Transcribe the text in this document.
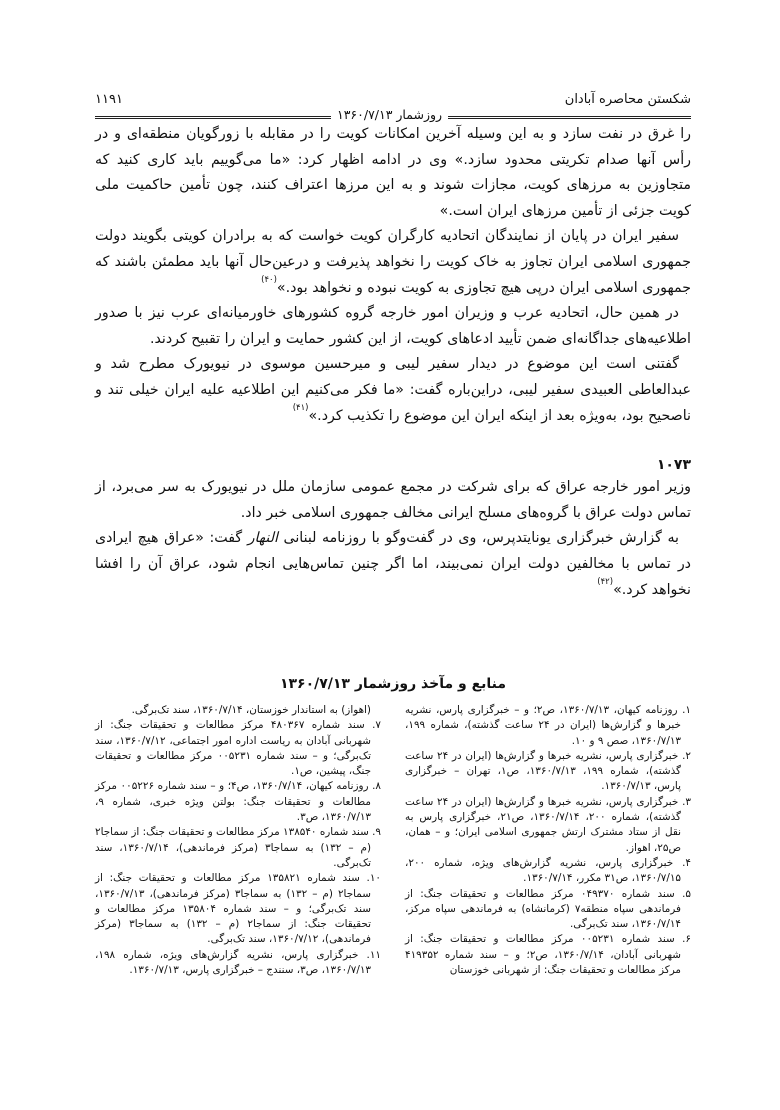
شکستن محاصره آبادان
۱۱۹۱
روزشمار ۱۳۶۰/۷/۱۳

را غرق در نفت سازد و به این وسیله آخرین امکانات کویت را در مقابله با زورگویان منطقه‌ای و در رأس آنها صدام تکریتی محدود سازد.» وی در ادامه اظهار کرد: «ما می‌گوییم باید کاری کنید که متجاوزین به مرزهای کویت، مجازات شوند و به این مرزها اعتراف کنند، چون تأمین حاکمیت ملی کویت جزئی از تأمین مرزهای ایران است.»

سفیر ایران در پایان از نمایندگان اتحادیه کارگران کویت خواست که به برادران کویتی بگویند دولت جمهوری اسلامی ایران تجاوز به خاک کویت را نخواهد پذیرفت و درعین‌حال آنها باید مطمئن باشند که جمهوری اسلامی ایران درپی هیچ تجاوزی به کویت نبوده و نخواهد بود.»$^{(۴۰)}$

در همین حال، اتحادیه عرب و وزیران امور خارجه گروه کشورهای خاورمیانه‌ای عرب نیز با صدور اطلاعیه‌های جداگانه‌ای ضمن تأیید ادعاهای کویت، از این کشور حمایت و ایران را تقبیح کردند.

گفتنی است این موضوع در دیدار سفیر لیبی و میرحسین موسوی در نیویورک مطرح شد و عبدالعاطی العبیدی سفیر لیبی، دراین‌باره گفت: «ما فکر می‌کنیم این اطلاعیه علیه ایران خیلی تند و ناصحیح بود، به‌ویژه بعد از اینکه ایران این موضوع را تکذیب کرد.»$^{(۴۱)}$

۱۰۷۳

وزیر امور خارجه عراق که برای شرکت در مجمع عمومی سازمان ملل در نیویورک به سر می‌برد، از تماس دولت عراق با گروه‌های مسلح ایرانی مخالف جمهوری اسلامی خبر داد.

به گزارش خبرگزاری یونایتدپرس، وی در گفت‌وگو با روزنامه لبنانی النهار گفت: «عراق هیچ ایرادی در تماس با مخالفین دولت ایران نمی‌بیند، اما اگر چنین تماس‌هایی انجام شود، عراق آن را افشا نخواهد کرد.»$^{(۴۲)}$

منابع و مآخذ روزشمار ۱۳۶۰/۷/۱۳

۱. روزنامه کیهان، ۱۳۶۰/۷/۱۳، ص۲؛ و – خبرگزاری پارس، نشریه خبرها و گزارش‌ها (ایران در ۲۴ ساعت گذشته)، شماره ۱۹۹، ۱۳۶۰/۷/۱۳، صص ۹ و ۱۰.

۲. خبرگزاری پارس، نشریه خبرها و گزارش‌ها (ایران در ۲۴ ساعت گذشته)، شماره ۱۹۹، ۱۳۶۰/۷/۱۳، ص۱، تهران – خبرگزاری پارس، ۱۳۶۰/۷/۱۳.

۳. خبرگزاری پارس، نشریه خبرها و گزارش‌ها (ایران در ۲۴ ساعت گذشته)، شماره ۲۰۰، ۱۳۶۰/۷/۱۴، ص۲۱، خبرگزاری پارس به نقل از ستاد مشترک ارتش جمهوری اسلامی ایران؛ و – همان، ص۲۵، اهواز.

۴. خبرگزاری پارس، نشریه گزارش‌های ویژه، شماره ۲۰۰، ۱۳۶۰/۷/۱۵، ص۳۱ مکرر، ۱۳۶۰/۷/۱۴.

۵. سند شماره ۰۴۹۳۷۰ مرکز مطالعات و تحقیقات جنگ: از فرماندهی سپاه منطقه۷ (کرمانشاه) به فرماندهی سپاه مرکز، ۱۳۶۰/۷/۱۴، سند تک‌برگی.

۶. سند شماره ۰۰۵۲۳۱ مرکز مطالعات و تحقیقات جنگ: از شهربانی آبادان، ۱۳۶۰/۷/۱۴، ص۲؛ و – سند شماره ۴۱۹۳۵۲ مرکز مطالعات و تحقیقات جنگ: از شهربانی خوزستان

(اهواز) به استاندار خوزستان، ۱۳۶۰/۷/۱۴، سند تک‌برگی.

۷. سند شماره ۴۸۰۳۶۷ مرکز مطالعات و تحقیقات جنگ: از شهربانی آبادان به ریاست اداره امور اجتماعی، ۱۳۶۰/۷/۱۲، سند تک‌برگی؛ و – سند شماره ۰۰۵۲۳۱ مرکز مطالعات و تحقیقات جنگ، پیشین، ص۱.

۸. روزنامه کیهان، ۱۳۶۰/۷/۱۴، ص۴؛ و – سند شماره ۰۰۵۲۲۶ مرکز مطالعات و تحقیقات جنگ: بولتن ویژه خبری، شماره ۹، ۱۳۶۰/۷/۱۳، ص۳.

۹. سند شماره ۱۳۸۵۴۰ مرکز مطالعات و تحقیقات جنگ: از سماجا۲ (م – ۱۳۲) به سماجا۳ (مرکز فرماندهی)، ۱۳۶۰/۷/۱۴، سند تک‌برگی.

۱۰. سند شماره ۱۳۵۸۲۱ مرکز مطالعات و تحقیقات جنگ: از سماجا۲ (م – ۱۳۲) به سماجا۳ (مرکز فرماندهی)، ۱۳۶۰/۷/۱۳، سند تک‌برگی؛ و – سند شماره ۱۳۵۸۰۴ مرکز مطالعات و تحقیقات جنگ: از سماجا۲ (م – ۱۳۲) به سماجا۳ (مرکز فرماندهی)، ۱۳۶۰/۷/۱۲، سند تک‌برگی.

۱۱. خبرگزاری پارس، نشریه گزارش‌های ویژه، شماره ۱۹۸، ۱۳۶۰/۷/۱۳، ص۳، سنندج – خبرگزاری پارس، ۱۳۶۰/۷/۱۳.
